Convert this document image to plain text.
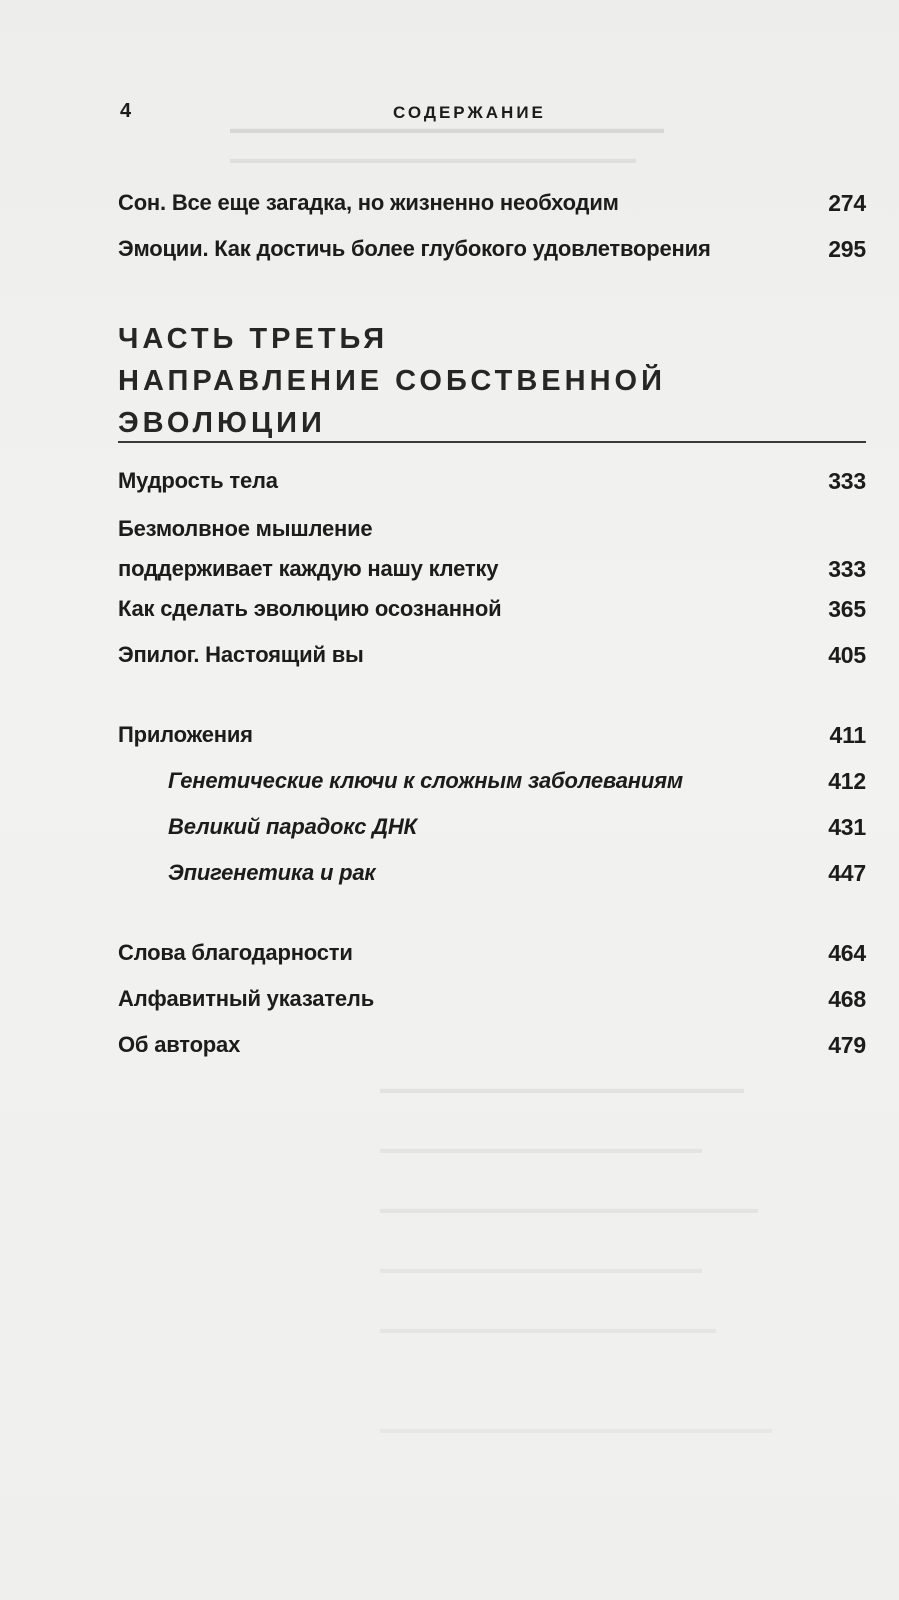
▬▬▬▬▬▬▬▬▬▬▬▬▬▬▬▬▬▬▬▬▬▬▬▬▬▬▬▬▬▬▬
▬▬▬▬▬▬▬▬▬▬▬▬▬▬▬▬▬▬▬▬▬▬▬▬▬▬▬▬▬
▬▬▬▬▬▬▬▬▬▬▬▬▬▬▬▬▬▬▬▬▬▬▬▬▬▬
▬▬▬▬▬▬▬▬▬▬▬▬▬▬▬▬▬▬▬▬▬▬▬
▬▬▬▬▬▬▬▬▬▬▬▬▬▬▬▬▬▬▬▬▬▬▬▬▬▬▬
▬▬▬▬▬▬▬▬▬▬▬▬▬▬▬▬▬▬▬▬▬▬▬
▬▬▬▬▬▬▬▬▬▬▬▬▬▬▬▬▬▬▬▬▬▬▬▬
▬▬▬▬▬▬▬▬▬▬▬▬▬▬▬▬▬▬▬▬▬▬▬▬▬▬▬▬
4	СОДЕРЖАНИЕ
Сон. Все еще загадка, но жизненно необходим	274
Эмоции. Как достичь более глубокого удовлетворения	295
ЧАСТЬ ТРЕТЬЯ
НАПРАВЛЕНИЕ СОБСТВЕННОЙ
ЭВОЛЮЦИИ
Мудрость тела	333
Безмолвное мышление
поддерживает каждую нашу клетку	333
Как сделать эволюцию осознанной	365
Эпилог. Настоящий вы	405
Приложения	411
Генетические ключи к сложным заболеваниям	412
Великий парадокс ДНК	431
Эпигенетика и рак	447
Слова благодарности	464
Алфавитный указатель	468
Об авторах	479
